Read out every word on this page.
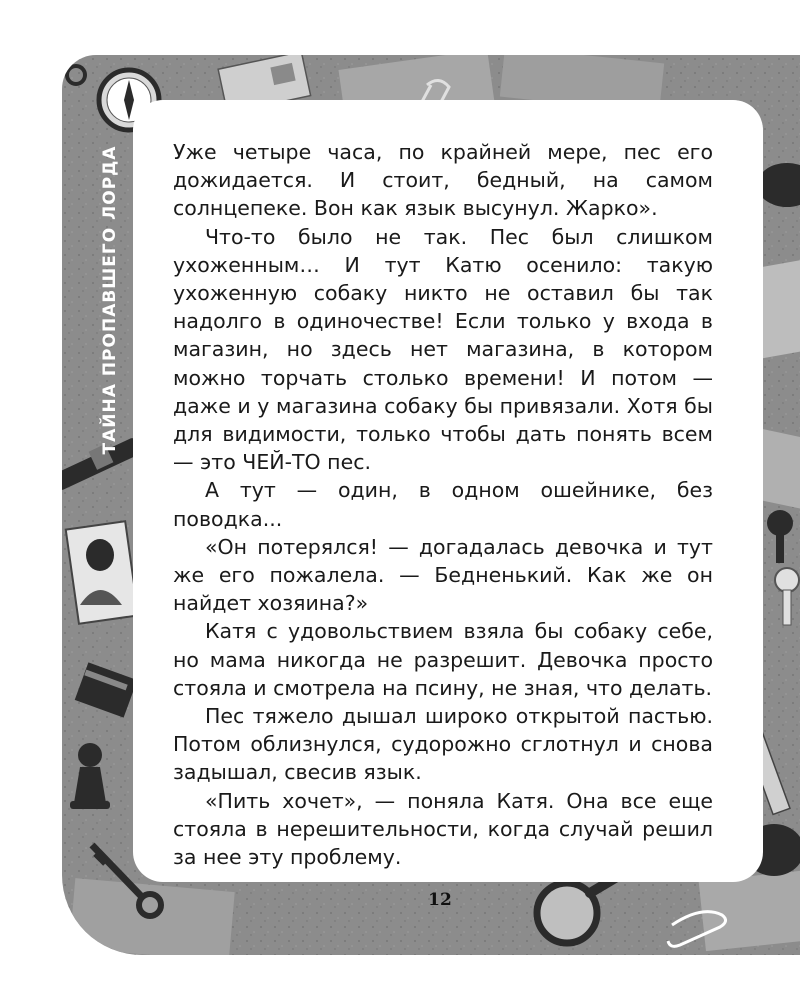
ТАЙНА ПРОПАВШЕГО ЛОРДА	Уже четыре часа, по крайней мере, пес его дожидается. И стоит, бедный, на самом солнцепеке. Вон как язык высунул. Жарко».

Что-то было не так. Пес был слишком ухоженным… И тут Катю осенило: такую ухоженную собаку никто не оставил бы так надолго в одиночестве! Если только у входа в магазин, но здесь нет магазина, в котором можно торчать столько времени! И потом — даже и у магазина собаку бы привязали. Хотя бы для видимости, только чтобы дать понять всем — это ЧЕЙ-ТО пес.

А тут — один, в одном ошейнике, без поводка...

«Он потерялся! — догадалась девочка и тут же его пожалела. — Бедненький. Как же он найдет хозяина?»

Катя с удовольствием взяла бы собаку себе, но мама никогда не разрешит. Девочка просто стояла и смотрела на псину, не зная, что делать.

Пес тяжело дышал широко открытой пастью. Потом облизнулся, судорожно сглотнул и снова задышал, свесив язык.

«Пить хочет», — поняла Катя. Она все еще стояла в нерешительности, когда случай решил за нее эту проблему.

12
